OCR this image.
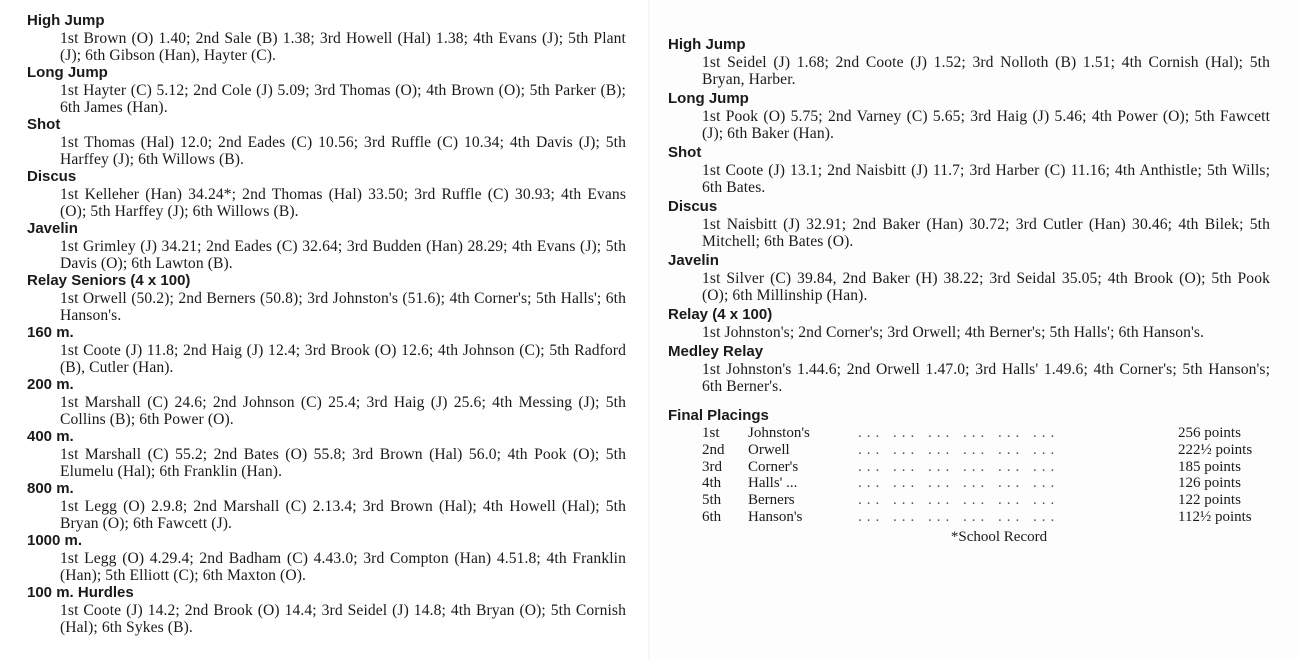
High Jump
1st Brown (O) 1.40; 2nd Sale (B) 1.38; 3rd Howell (Hal) 1.38; 4th Evans (J); 5th Plant (J); 6th Gibson (Han), Hayter (C).
Long Jump
1st Hayter (C) 5.12; 2nd Cole (J) 5.09; 3rd Thomas (O); 4th Brown (O); 5th Parker (B); 6th James (Han).
Shot
1st Thomas (Hal) 12.0; 2nd Eades (C) 10.56; 3rd Ruffle (C) 10.34; 4th Davis (J); 5th Harffey (J); 6th Willows (B).
Discus
1st Kelleher (Han) 34.24*; 2nd Thomas (Hal) 33.50; 3rd Ruffle (C) 30.93; 4th Evans (O); 5th Harffey (J); 6th Willows (B).
Javelin
1st Grimley (J) 34.21; 2nd Eades (C) 32.64; 3rd Budden (Han) 28.29; 4th Evans (J); 5th Davis (O); 6th Lawton (B).
Relay Seniors (4 x 100)
1st Orwell (50.2); 2nd Berners (50.8); 3rd Johnston's (51.6); 4th Corner's; 5th Halls'; 6th Hanson's.
160 m.
1st Coote (J) 11.8; 2nd Haig (J) 12.4; 3rd Brook (O) 12.6; 4th Johnson (C); 5th Radford (B), Cutler (Han).
200 m.
1st Marshall (C) 24.6; 2nd Johnson (C) 25.4; 3rd Haig (J) 25.6; 4th Messing (J); 5th Collins (B); 6th Power (O).
400 m.
1st Marshall (C) 55.2; 2nd Bates (O) 55.8; 3rd Brown (Hal) 56.0; 4th Pook (O); 5th Elumelu (Hal); 6th Franklin (Han).
800 m.
1st Legg (O) 2.9.8; 2nd Marshall (C) 2.13.4; 3rd Brown (Hal); 4th Howell (Hal); 5th Bryan (O); 6th Fawcett (J).
1000 m.
1st Legg (O) 4.29.4; 2nd Badham (C) 4.43.0; 3rd Compton (Han) 4.51.8; 4th Franklin (Han); 5th Elliott (C); 6th Maxton (O).
100 m. Hurdles
1st Coote (J) 14.2; 2nd Brook (O) 14.4; 3rd Seidel (J) 14.8; 4th Bryan (O); 5th Cornish (Hal); 6th Sykes (B).
High Jump
1st Seidel (J) 1.68; 2nd Coote (J) 1.52; 3rd Nolloth (B) 1.51; 4th Cornish (Hal); 5th Bryan, Harber.
Long Jump
1st Pook (O) 5.75; 2nd Varney (C) 5.65; 3rd Haig (J) 5.46; 4th Power (O); 5th Fawcett (J); 6th Baker (Han).
Shot
1st Coote (J) 13.1; 2nd Naisbitt (J) 11.7; 3rd Harber (C) 11.16; 4th Anthistle; 5th Wills; 6th Bates.
Discus
1st Naisbitt (J) 32.91; 2nd Baker (Han) 30.72; 3rd Cutler (Han) 30.46; 4th Bilek; 5th Mitchell; 6th Bates (O).
Javelin
1st Silver (C) 39.84, 2nd Baker (H) 38.22; 3rd Seidal 35.05; 4th Brook (O); 5th Pook (O); 6th Millinship (Han).
Relay (4 x 100)
1st Johnston's; 2nd Corner's; 3rd Orwell; 4th Berner's; 5th Halls'; 6th Hanson's.
Medley Relay
1st Johnston's 1.44.6; 2nd Orwell 1.47.0; 3rd Halls' 1.49.6; 4th Corner's; 5th Hanson's; 6th Berner's.
Final Placings
1st	Johnston's	... ... ... ... ... ...	256 points
2nd	Orwell	... ... ... ... ... ...	222½ points
3rd	Corner's	... ... ... ... ... ...	185 points
4th	Halls' ...	... ... ... ... ... ...	126 points
5th	Berners	... ... ... ... ... ...	122 points
6th	Hanson's	... ... ... ... ... ...	112½ points
*School Record
